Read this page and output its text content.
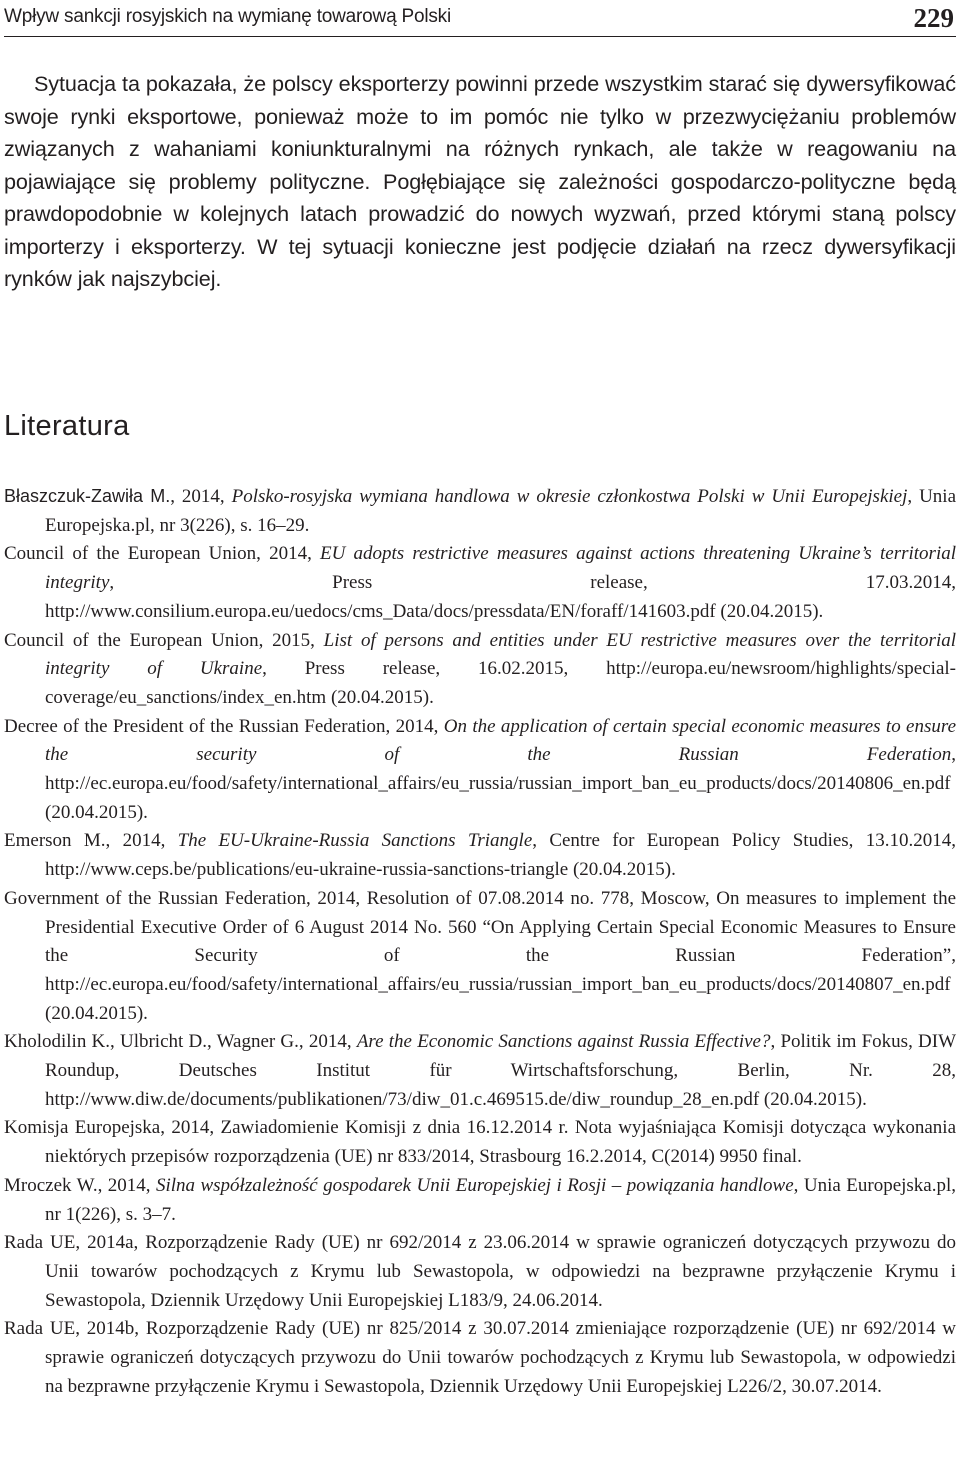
Wpływ sankcji rosyjskich na wymianę towarową Polski	229

Sytuacja ta pokazała, że polscy eksporterzy powinni przede wszystkim starać się dywersyfikować swoje rynki eksportowe, ponieważ może to im pomóc nie tylko w przezwyciężaniu problemów związanych z wahaniami koniunkturalnymi na różnych rynkach, ale także w reagowaniu na pojawiające się problemy polityczne. Pogłębiające się zależności gospodarczo-polityczne będą prawdopodobnie w kolejnych latach prowadzić do nowych wyzwań, przed którymi staną polscy importerzy i eksporterzy. W tej sytuacji konieczne jest podjęcie działań na rzecz dywersyfikacji rynków jak najszybciej.

Literatura
Błaszczuk-Zawiła M., 2014, Polsko-rosyjska wymiana handlowa w okresie członkostwa Polski w Unii Europejskiej, Unia Europejska.pl, nr 3(226), s. 16–29.
Council of the European Union, 2014, EU adopts restrictive measures against actions threatening Ukraine’s territorial integrity, Press release, 17.03.2014, http://www.consilium.europa.eu/uedocs/cms_Data/docs/pressdata/EN/foraff/141603.pdf (20.04.2015).
Council of the European Union, 2015, List of persons and entities under EU restrictive measures over the territorial integrity of Ukraine, Press release, 16.02.2015, http://europa.eu/newsroom/highlights/special-coverage/eu_sanctions/index_en.htm (20.04.2015).
Decree of the President of the Russian Federation, 2014, On the application of certain special economic measures to ensure the security of the Russian Federation, http://ec.europa.eu/food/safety/international_affairs/eu_russia/russian_import_ban_eu_products/docs/20140806_en.pdf (20.04.2015).
Emerson M., 2014, The EU-Ukraine-Russia Sanctions Triangle, Centre for European Policy Studies, 13.10.2014, http://www.ceps.be/publications/eu-ukraine-russia-sanctions-triangle (20.04.2015).
Government of the Russian Federation, 2014, Resolution of 07.08.2014 no. 778, Moscow, On measures to implement the Presidential Executive Order of 6 August 2014 No. 560 “On Applying Certain Special Economic Measures to Ensure the Security of the Russian Federation”, http://ec.europa.eu/food/safety/international_affairs/eu_russia/russian_import_ban_eu_products/docs/20140807_en.pdf (20.04.2015).
Kholodilin K., Ulbricht D., Wagner G., 2014, Are the Economic Sanctions against Russia Effective?, Politik im Fokus, DIW Roundup, Deutsches Institut für Wirtschaftsforschung, Berlin, Nr. 28, http://www.diw.de/documents/publikationen/73/diw_01.c.469515.de/diw_roundup_28_en.pdf (20.04.2015).
Komisja Europejska, 2014, Zawiadomienie Komisji z dnia 16.12.2014 r. Nota wyjaśniająca Komisji dotycząca wykonania niektórych przepisów rozporządzenia (UE) nr 833/2014, Strasbourg 16.2.2014, C(2014) 9950 final.
Mroczek W., 2014, Silna współzależność gospodarek Unii Europejskiej i Rosji – powiązania handlowe, Unia Europejska.pl, nr 1(226), s. 3–7.
Rada UE, 2014a, Rozporządzenie Rady (UE) nr 692/2014 z 23.06.2014 w sprawie ograniczeń dotyczących przywozu do Unii towarów pochodzących z Krymu lub Sewastopola, w odpowiedzi na bezprawne przyłączenie Krymu i Sewastopola, Dziennik Urzędowy Unii Europejskiej L183/9, 24.06.2014.
Rada UE, 2014b, Rozporządzenie Rady (UE) nr 825/2014 z 30.07.2014 zmieniające rozporządzenie (UE) nr 692/2014 w sprawie ograniczeń dotyczących przywozu do Unii towarów pochodzących z Krymu lub Sewastopola, w odpowiedzi na bezprawne przyłączenie Krymu i Sewastopola, Dziennik Urzędowy Unii Europejskiej L226/2, 30.07.2014.
